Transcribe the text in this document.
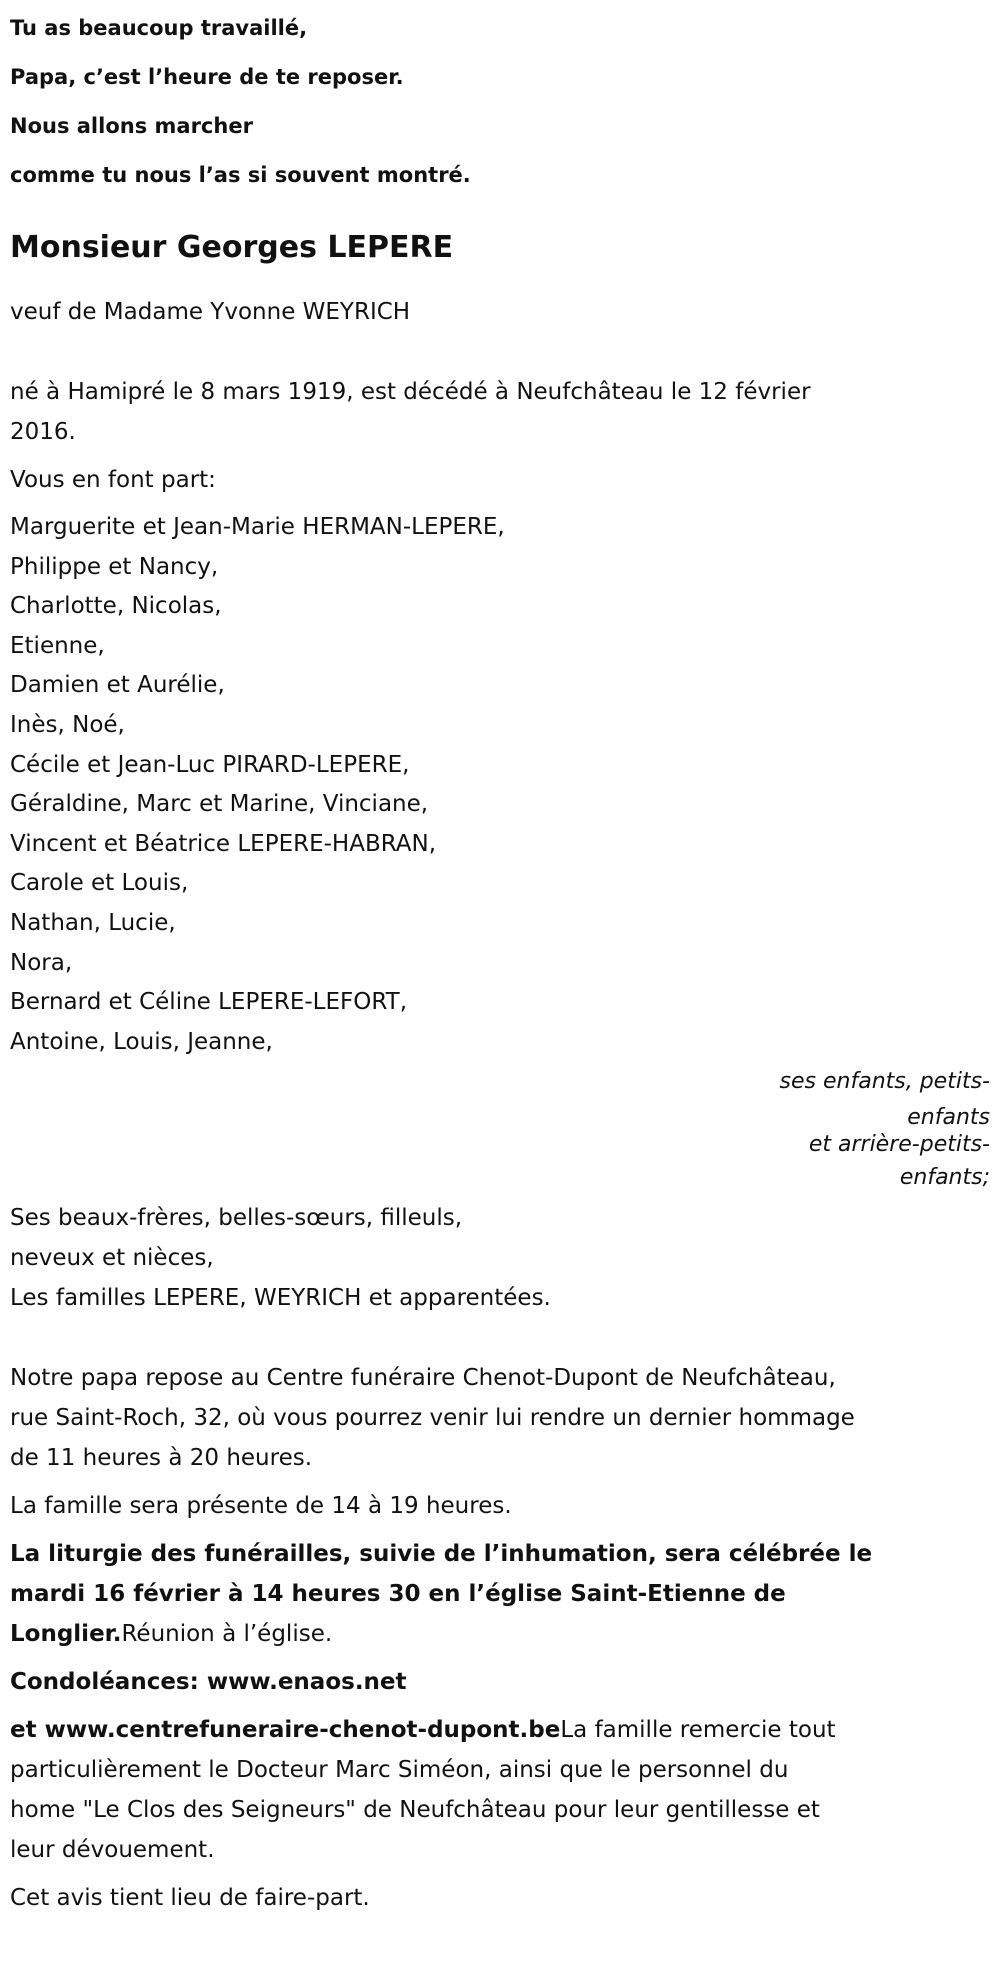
Tu as beaucoup travaillé,
Papa, c’est l’heure de te reposer.
Nous allons marcher
comme tu nous l’as si souvent montré.
Monsieur Georges LEPERE

veuf de Madame Yvonne WEYRICH

né à Hamipré le 8 mars 1919, est décédé à Neufchâteau le 12 février

2016.

Vous en font part:

Marguerite et Jean-Marie HERMAN-LEPERE,

Philippe et Nancy,

Charlotte, Nicolas,

Etienne,

Damien et Aurélie,

Inès, Noé,

Cécile et Jean-Luc PIRARD-LEPERE,

Géraldine, Marc et Marine, Vinciane,

Vincent et Béatrice LEPERE-HABRAN,

Carole et Louis,

Nathan, Lucie,

Nora,

Bernard et Céline LEPERE-LEFORT,

Antoine, Louis, Jeanne,

ses enfants, petits-
enfants
et arrière-petits-
enfants;

Ses beaux-frères, belles-sœurs, filleuls,

neveux et nièces,

Les familles LEPERE, WEYRICH et apparentées.

Notre papa repose au Centre funéraire Chenot-Dupont de Neufchâteau,

rue Saint-Roch, 32, où vous pourrez venir lui rendre un dernier hommage

de 11 heures à 20 heures.

La famille sera présente de 14 à 19 heures.

La liturgie des funérailles, suivie de l’inhumation, sera célébrée le

mardi 16 février à 14 heures 30 en l’église Saint-Etienne de

Longlier.Réunion à l’église.

Condoléances: www.enaos.net

et www.centrefuneraire-chenot-dupont.beLa famille remercie tout

particulièrement le Docteur Marc Siméon, ainsi que le personnel du

home "Le Clos des Seigneurs" de Neufchâteau pour leur gentillesse et

leur dévouement.

Cet avis tient lieu de faire-part.
